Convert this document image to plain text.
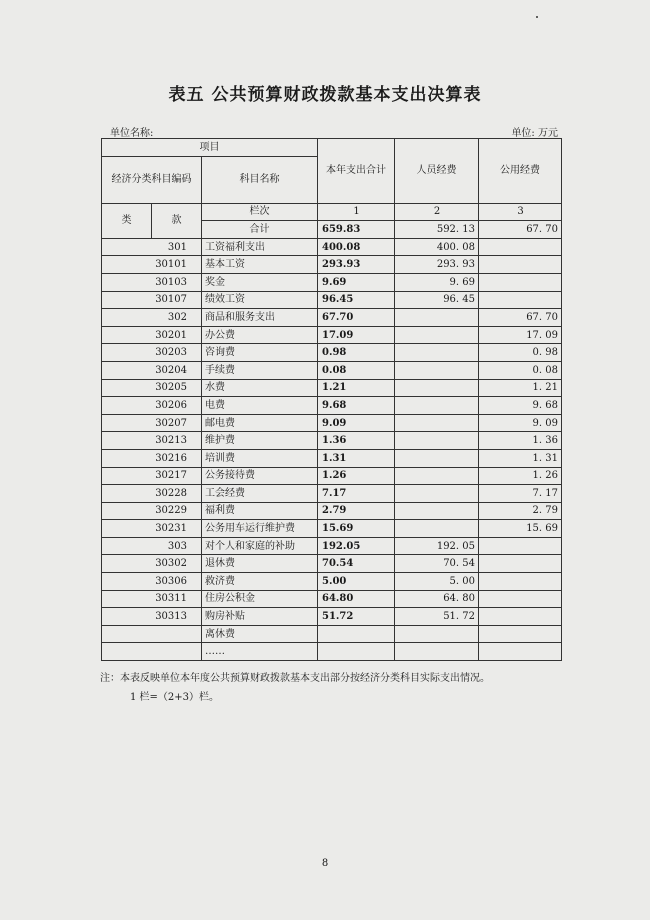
表五 公共预算财政拨款基本支出决算表
单位名称:	单位: 万元
项目			本年支出合计	人员经费	公用经费
经济分类科目编码		科目名称			

类	款	栏次	1	2	3
		合计	659.83	592. 13	67. 70
301		工资福利支出	400.08	400. 08	
30101		基本工资	293.93	293. 93	
30103		奖金	9.69	9. 69	
30107		绩效工资	96.45	96. 45	
302		商品和服务支出	67.70		67. 70
30201		办公费	17.09		17. 09
30203		咨询费	0.98		0. 98
30204		手续费	0.08		0. 08
30205		水费	1.21		1. 21
30206		电费	9.68		9. 68
30207		邮电费	9.09		9. 09
30213		维护费	1.36		1. 36
30216		培训费	1.31		1. 31
30217		公务接待费	1.26		1. 26
30228		工会经费	7.17		7. 17
30229		福利费	2.79		2. 79
30231		公务用车运行维护费	15.69		15. 69
303		对个人和家庭的补助	192.05	192. 05	
30302		退休费	70.54	70. 54	
30306		救济费	5.00	5. 00	
30311		住房公积金	64.80	64. 80	
30313		购房补贴	51.72	51. 72	
		离休费			
		……			
注：本表反映单位本年度公共预算财政拨款基本支出部分按经济分类科目实际支出情况。
1 栏=（2+3）栏。
8
